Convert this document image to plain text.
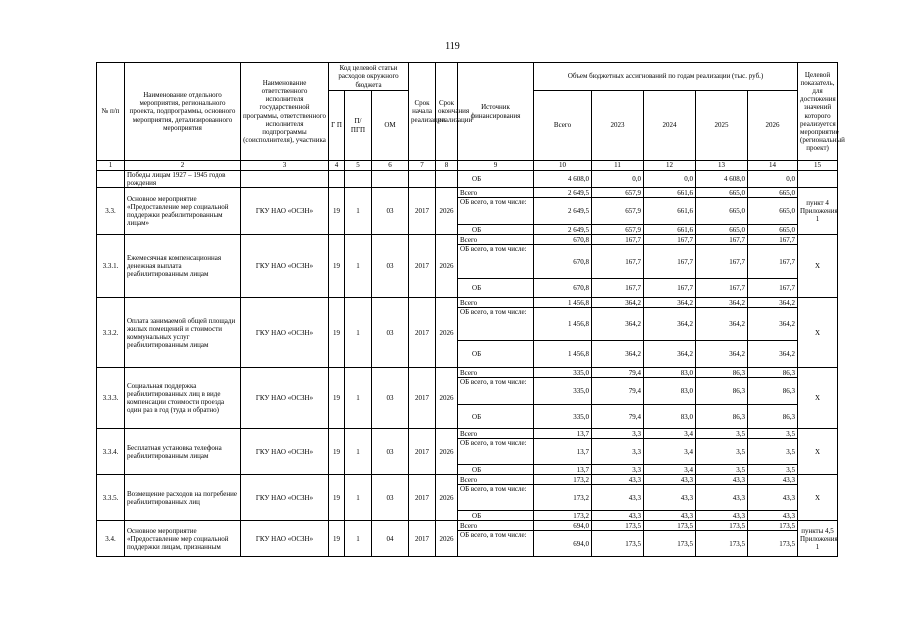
119
№ п/п	Наименование отдельного мероприятия, регионального проекта, подпрограммы, основного мероприятия, детализированного мероприятия	Наименование ответственного исполнителя государственной программы, ответственного исполнителя подпрограммы (соисполнителя), участника	Код целевой статьи расходов окружного бюджета			Срок начала реализации	Срок окончания реализации	Источник финансирования	Объем бюджетных ассигнований по годам реализации (тыс. руб.)					Целевой показатель, для достижения значений которого реализуется мероприятие (региональный проект)
			Г П	П/ ПГП	ОМ				Всего	2023	2024	2025	2026	
1	2	3	4	5	6	7	8	9	10	11	12	13	14	15
	Победы лицам 1927 – 1945 годов рождения							ОБ	4 608,0	0,0	0,0	4 608,0	0,0	
3.3.	Основное мероприятие «Предоставление мер социальной поддержки реабилитированным лицам»	ГКУ НАО «ОСЗН»	19	1	03	2017	2026	Всего	2 649,5	657,9	661,6	665,0	665,0	пункт 4 Приложения 1
								ОБ всего, в том числе:	2 649,5	657,9	661,6	665,0	665,0	
								ОБ	2 649,5	657,9	661,6	665,0	665,0	
3.3.1.	Ежемесячная компенсационная денежная выплата реабилитированным лицам	ГКУ НАО «ОСЗН»	19	1	03	2017	2026	Всего	670,8	167,7	167,7	167,7	167,7	Х
								ОБ всего, в том числе:	670,8	167,7	167,7	167,7	167,7	
								ОБ	670,8	167,7	167,7	167,7	167,7	
3.3.2.	Оплата занимаемой общей площади жилых помещений и стоимости коммунальных услуг реабилитированным лицам	ГКУ НАО «ОСЗН»	19	1	03	2017	2026	Всего	1 456,8	364,2	364,2	364,2	364,2	Х
								ОБ всего, в том числе:	1 456,8	364,2	364,2	364,2	364,2	
								ОБ	1 456,8	364,2	364,2	364,2	364,2	
3.3.3.	Социальная поддержка реабилитированных лиц в виде компенсации стоимости проезда один раз в год (туда и обратно)	ГКУ НАО «ОСЗН»	19	1	03	2017	2026	Всего	335,0	79,4	83,0	86,3	86,3	Х
								ОБ всего, в том числе:	335,0	79,4	83,0	86,3	86,3	
								ОБ	335,0	79,4	83,0	86,3	86,3	
3.3.4.	Бесплатная установка телефона реабилитированным лицам	ГКУ НАО «ОСЗН»	19	1	03	2017	2026	Всего	13,7	3,3	3,4	3,5	3,5	Х
								ОБ всего, в том числе:	13,7	3,3	3,4	3,5	3,5	
								ОБ	13,7	3,3	3,4	3,5	3,5	
3.3.5.	Возмещение расходов на погребение реабилитированных лиц	ГКУ НАО «ОСЗН»	19	1	03	2017	2026	Всего	173,2	43,3	43,3	43,3	43,3	Х
								ОБ всего, в том числе:	173,2	43,3	43,3	43,3	43,3	
								ОБ	173,2	43,3	43,3	43,3	43,3	
3.4.	Основное мероприятие «Предоставление мер социальной поддержки лицам, признанным	ГКУ НАО «ОСЗН»	19	1	04	2017	2026	Всего	694,0	173,5	173,5	173,5	173,5	пункты 4,5 Приложения 1
								ОБ всего, в том числе:	694,0	173,5	173,5	173,5	173,5	
